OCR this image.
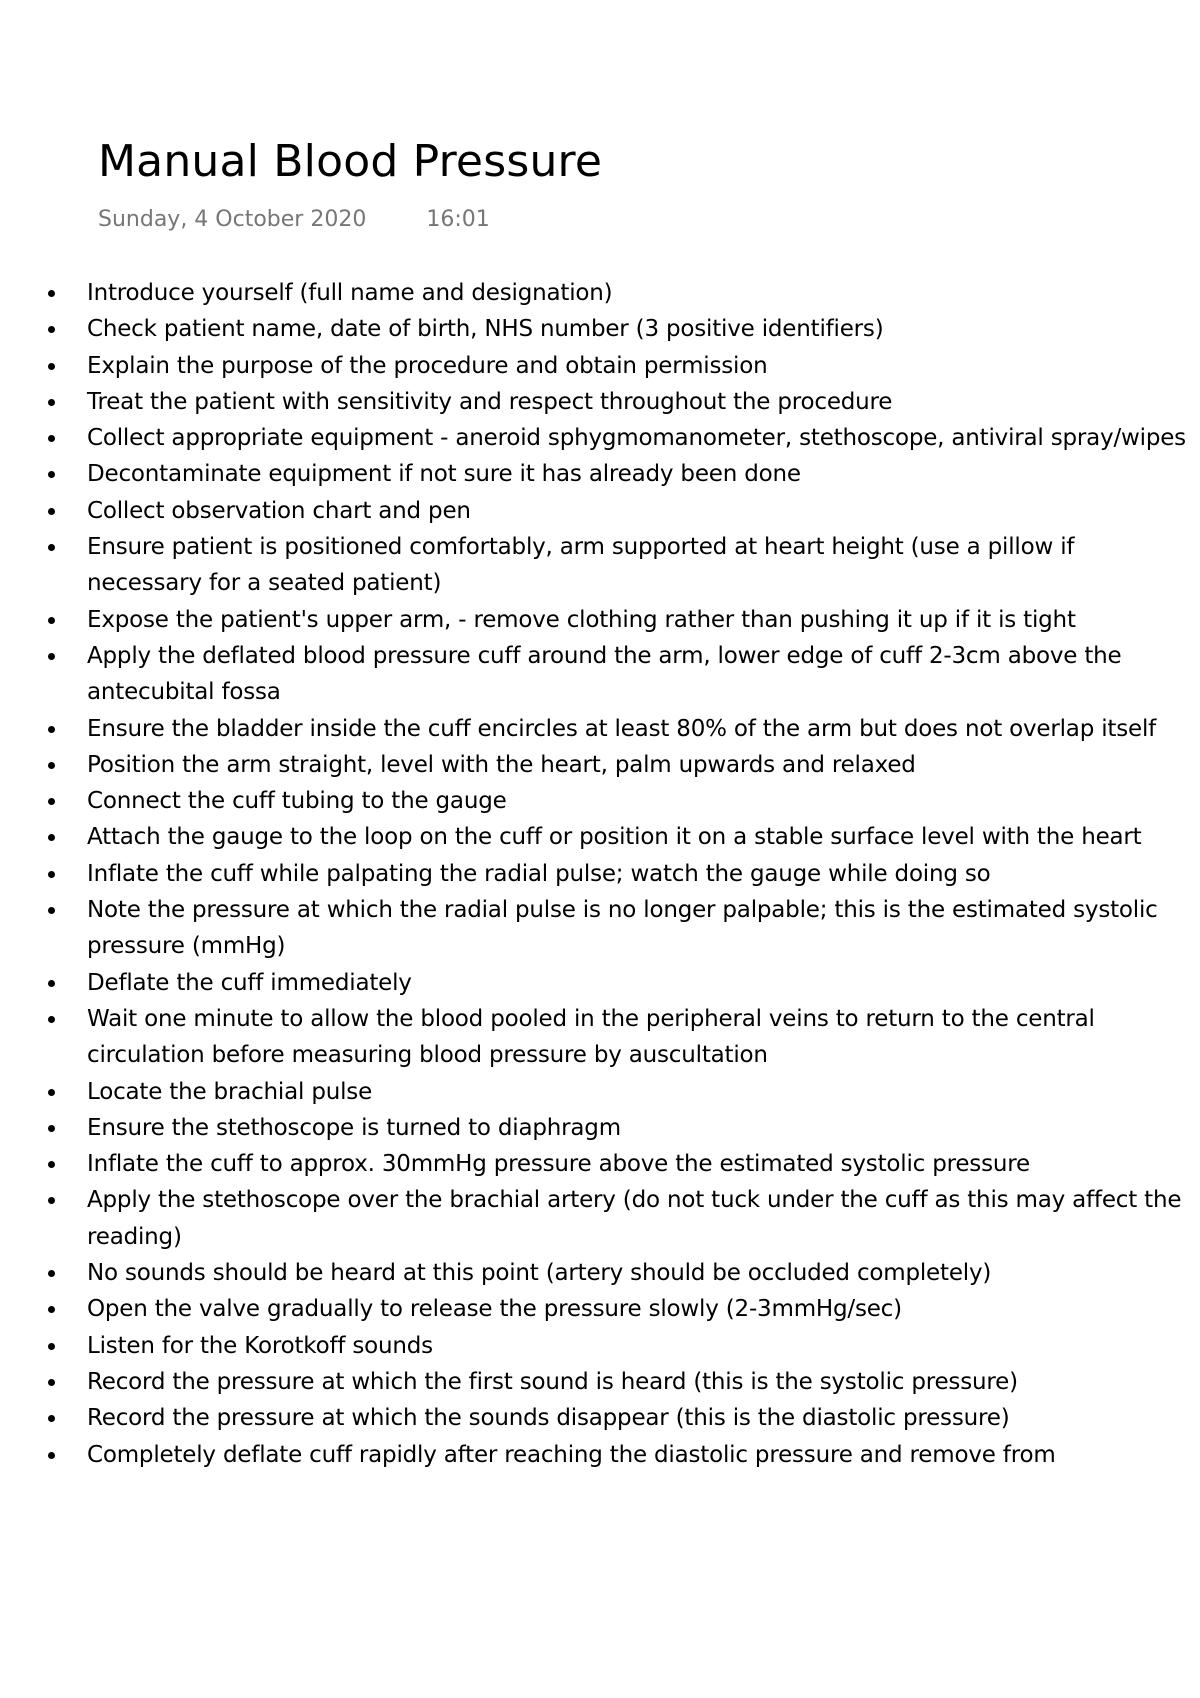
Manual Blood Pressure
Sunday, 4 October 2020	16:01
Introduce yourself (full name and designation)
Check patient name, date of birth, NHS number (3 positive identifiers)
Explain the purpose of the procedure and obtain permission
Treat the patient with sensitivity and respect throughout the procedure
Collect appropriate equipment - aneroid sphygmomanometer, stethoscope, antiviral spray/wipes
Decontaminate equipment if not sure it has already been done
Collect observation chart and pen
Ensure patient is positioned comfortably, arm supported at heart height (use a pillow if necessary for a seated patient)
Expose the patient's upper arm, - remove clothing rather than pushing it up if it is tight
Apply the deflated blood pressure cuff around the arm, lower edge of cuff 2-3cm above the antecubital fossa
Ensure the bladder inside the cuff encircles at least 80% of the arm but does not overlap itself
Position the arm straight, level with the heart, palm upwards and relaxed
Connect the cuff tubing to the gauge
Attach the gauge to the loop on the cuff or position it on a stable surface level with the heart
Inflate the cuff while palpating the radial pulse; watch the gauge while doing so
Note the pressure at which the radial pulse is no longer palpable; this is the estimated systolic pressure (mmHg)
Deflate the cuff immediately
Wait one minute to allow the blood pooled in the peripheral veins to return to the central circulation before measuring blood pressure by auscultation
Locate the brachial pulse
Ensure the stethoscope is turned to diaphragm
Inflate the cuff to approx. 30mmHg pressure above the estimated systolic pressure
Apply the stethoscope over the brachial artery (do not tuck under the cuff as this may affect the reading)
No sounds should be heard at this point (artery should be occluded completely)
Open the valve gradually to release the pressure slowly (2-3mmHg/sec)
Listen for the Korotkoff sounds
Record the pressure at which the first sound is heard (this is the systolic pressure)
Record the pressure at which the sounds disappear (this is the diastolic pressure)
Completely deflate cuff rapidly after reaching the diastolic pressure and remove from
